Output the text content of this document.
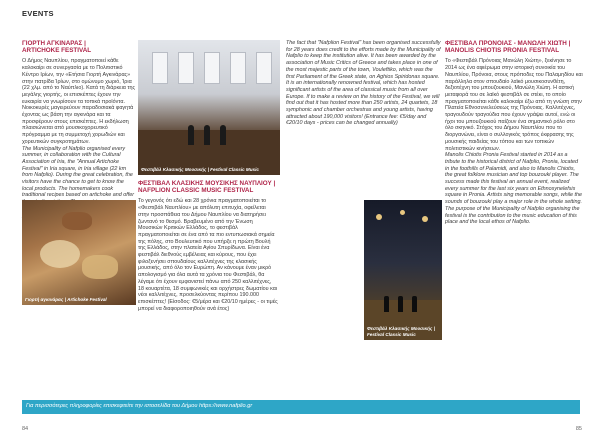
EVENTS
ΓΙΟΡΤΗ ΑΓΚΙΝΑΡΑΣ |
ARTICHOKE FESTIVAL
Ο Δήμος Ναυπλίου, πραγματοποιεί κάθε καλοκαίρι σε συνεργασία με το Πολιτιστικό Κέντρο Ιρίων, την «Ετήσια Γιορτή Αγκινάρας» στην πατρίδα Ίρίων, στο ομώνυμο χωριό, Ίρια (22 χλμ. από το Ναύπλιο). Κατά τη διάρκεια της μεγάλης γιορτής, οι επισκέπτες έχουν την ευκαιρία να γνωρίσουν τα τοπικά προϊόντα. Νοικοκυρές μαγειρεύουν παραδοσιακά φαγητά έχοντας ως βάση την αγκινάρα και τα προσφέρουν στους επισκέπτες. Η εκδήλωση πλαισιώνεται από μουσικοχορευτικό πρόγραμμα με τη συμμετοχή χορωδιών και χορευτικών συγκροτημάτων.
The Municipality of Nafplio organised every summer, in collaboration with the Cultural Association of Iria, the "Annual Artichoke Festival" in Iria square, in Iria village (22 km from Nafplio). During the great celebration, the visitors have the chance to get to know the local products. The homemakers cook traditional recipes based on artichoke and offer
Γιορτή αγκινάρας | Artichoke Festival
Φεστιβάλ Κλασικής Μουσικής | Festival Classic Music
ΦΕΣΤΙΒΑΛ ΚΛΑΣΙΚΗΣ ΜΟΥΣΙΚΗΣ ΝΑΥΠΛΙΟΥ | NAFPLION CLASSIC MUSIC FESTIVAL
Το γεγονός ότι εδώ και 28 χρόνια πραγματοποιείται το «Φεστιβάλ Ναυπλίου» με απόλυτη επιτυχία, οφείλεται στην προσπάθεια του Δήμου Ναυπλίου να διατηρήσει ζωντανό το θεσμό. Βραβευμένο από την Ένωση Μουσικών Κριτικών Ελλάδος, το φεστιβάλ πραγματοποιείται σε ένα από τα πιο εντυπωσιακά σημεία της πόλης, στο Βουλευτικό που υπήρξε η πρώτη Βουλή της Ελλάδος, στην πλατεία Αγίου Σπυρίδωνα. Είναι ένα φεστιβάλ διεθνούς εμβέλειας και κύρους, που έχει φιλοξενήσει σπουδαίους καλλιτέχνες της κλασικής μουσικής, από όλο τον Ευρώπη. Αν κάνουμε έναν μικρό απολογισμό για όλα αυτά τα χρόνια του Φεστιβάλ, θα λέγαμε ότι έχουν εμφανιστεί πάνω από 250 καλλιτέχνες, 18 κουαρτέτα, 18 συμφωνικές και ορχήστρες δωματίου και νέοι καλλιτέχνες, προσελκύοντας περίπου 190.000 επισκέπτες! (Είσοδος: €5/μέρα και €20/10 ημέρες - οι τιμές μπορεί να διαφοροποιηθούν ανά έτος)
The fact that "Nafplion Festival" has been organised successfully for 28 years does credit to the efforts made by the Municipality of Nafplio to keep the institution alive. It has been awarded by the association of Music Critics of Greece and takes place in one of the most majestic parts of the town, Vouleftiko, which was the first Parliament of the Greek state, on Aghios Spiridonas square. It is an internationally renowned festival, which has hosted significant artists of the area of classical music from all over Europe. If to make a review on the history of the Festival, we will find out that it has hosted more than 250 artists, 24 quartets, 18 symphonic and chamber orchestras and young artists, having attracted about 190,000 visitors! (Entrance fee: €5/day and €20/10 days - prices can be changed annually)
Φεστιβάλ Κλασικής Μουσικής | Festival Classic Music
ΦΕΣΤΙΒΑΛ ΠΡΟΝΟΙΑΣ - ΜΑΝΩΛΗ ΧΙΩΤΗ | MANOLIS CHIOTIS PRONIA FESTIVAL
Το «Φεστιβάλ Πρόνοιας Μανώλη Χιώτη», ξεκίνησε το 2014 ως ένα αφιέρωμα στην ιστορική συνοικία του Ναυπλίου, Πρόνοια, στους πρόποδες του Παλαμηδίου και παράλληλα στον σπουδαίο λαϊκό μουσικοσυνθέτη, δεξιοτέχνη του μπουζουκιού, Μανώλη Χιώτη. Η αστική μεταφορά του σε λαϊκό φεστιβάλ σε στέκι, το οποίο πραγματοποιείται κάθε καλοκαίρι έξω από τη γνώση στην Πλατεία Εθνοσυνελεύσεως της Πρόνοιας. Καλλιτέχνες, τραγουδούν τραγούδια που έχουν γράψει αυτοί, ενώ οι ήχοι του μπουζουκιού παίζουν ένα σημαντικό ρόλο στο όλο σκηνικό. Στόχος του Δήμου Ναυπλίου που το διοργανώνει, είναι ο συλλογικός τρόπος έκφρασης της μουσικής παιδείας του τόπου και των τοπικών πολιτιστικών κινήσεων.
Manolis Chiotis Pronia Festival started in 2014 as a tribute to the historical district of Nafplio, Pronia, located in the foothills of Palamidi, and also to Manolis Chiotis, the great folklore musician and top bouzouki player. The success made this festival an annual event, realized every summer for the last six years on Ethnosynelefsis square in Pronia. Artists sing memorable songs, while the sounds of bouzouki play a major role in the whole setting. The purpose of the Municipality of Nafplio organising the festival is the contribution to the music education of this place and the local ethos of Nafplio.
Για περισσότερες πληροφορίες επισκεφτείτε την ιστοσελίδα του Δήμου https://www.nafplio.gr
84	85
